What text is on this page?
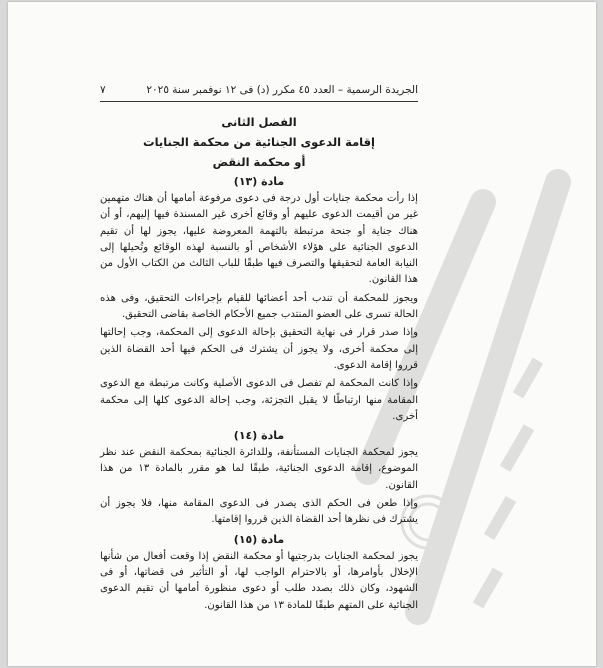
الجريدة الرسمية – العدد ٤٥ مكرر (د) فى ١٢ نوفمبر سنة ٢٠٢٥
٧
الفصل الثانى
إقامة الدعوى الجنائية من محكمة الجنايات
أو محكمة النقض
مادة (١٣)

إذا رأت محكمة جنايات أول درجة فى دعوى مرفوعة أمامها أن هناك متهمين غير من أقيمت الدعوى عليهم أو وقائع أخرى غير المسندة فيها إليهم، أو أن هناك جناية أو جنحة مرتبطة بالتهمة المعروضة عليها، يجوز لها أن تقيم الدعوى الجنائية على هؤلاء الأشخاص أو بالنسبة لهذه الوقائع وتُحيلها إلى النيابة العامة لتحقيقها والتصرف فيها طبقًا للباب الثالث من الكتاب الأول من هذا القانون.

ويجوز للمحكمة أن تندب أحد أعضائها للقيام بإجراءات التحقيق، وفى هذه الحالة تسرى على العضو المنتدب جميع الأحكام الخاصة بقاضى التحقيق.

وإذا صدر قرار فى نهاية التحقيق بإحالة الدعوى إلى المحكمة، وجب إحالتها إلى محكمة أخرى، ولا يجوز أن يشترك فى الحكم فيها أحد القضاة الذين قرروا إقامة الدعوى.

وإذا كانت المحكمة لم تفصل فى الدعوى الأصلية وكانت مرتبطة مع الدعوى المقامة منها ارتباطًا لا يقبل التجزئة، وجب إحالة الدعوى كلها إلى محكمة أخرى.

مادة (١٤)

يجوز لمحكمة الجنايات المستأنفة، وللدائرة الجنائية بمحكمة النقض عند نظر الموضوع، إقامة الدعوى الجنائية، طبقًا لما هو مقرر بالمادة ١٣ من هذا القانون.

وإذا طعن فى الحكم الذى يصدر فى الدعوى المقامة منها، فلا يجوز أن يشترك فى نظرها أحد القضاة الذين قرروا إقامتها.

مادة (١٥)

يجوز لمحكمة الجنايات بدرجتيها أو محكمة النقض إذا وقعت أفعال من شأنها الإخلال بأوامرها، أو بالاحترام الواجب لها، أو التأثير فى قضاتها، أو فى الشهود، وكان ذلك بصدد طلب أو دعوى منظورة أمامها أن تقيم الدعوى الجنائية على المتهم طبقًا للمادة ١٣ من هذا القانون.
